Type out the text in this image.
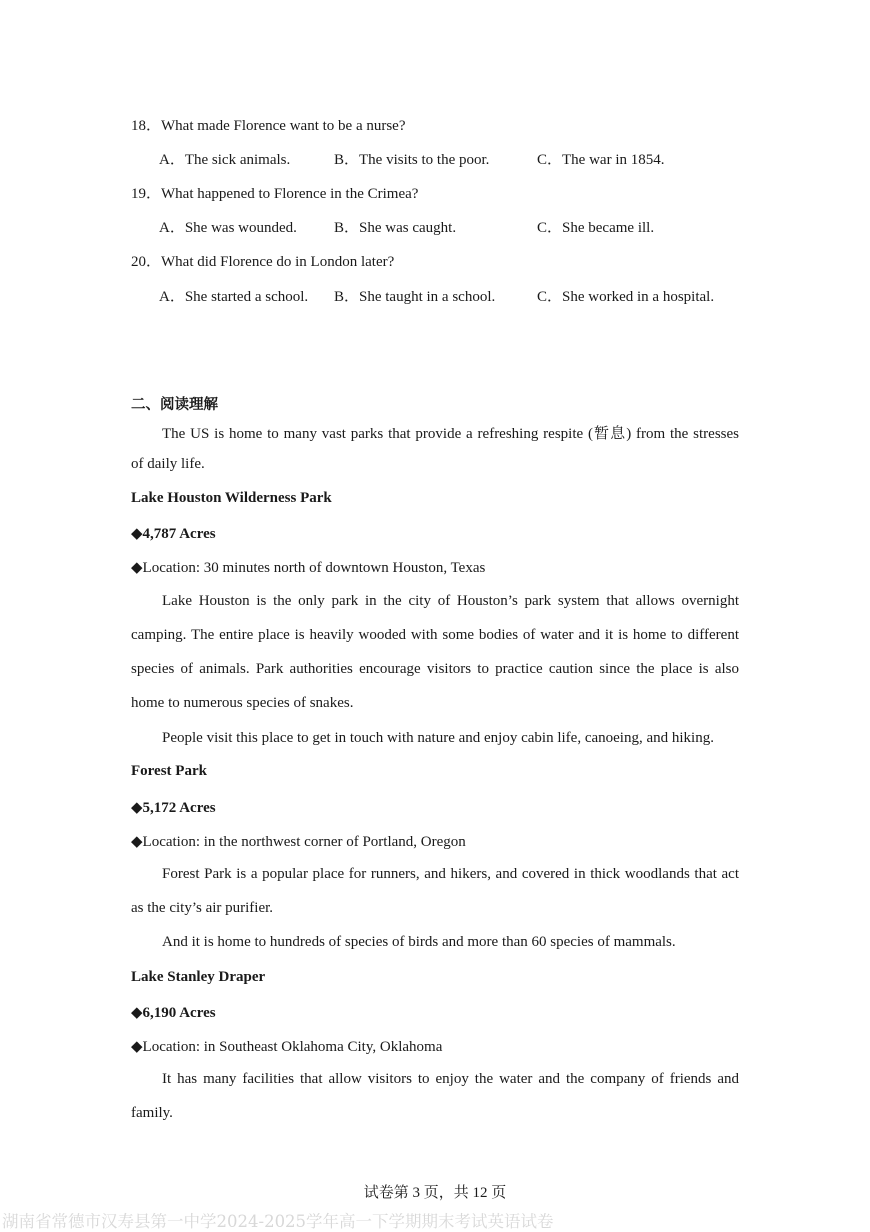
18．What made Florence want to be a nurse?
A．The sick animals.	B．The visits to the poor.	C．The war in 1854.
19．What happened to Florence in the Crimea?
A．She was wounded. B．She was caught.	C．She became ill.
20．What did Florence do in London later?
A．She started a school. B．She taught in a school.	C．She worked in a hospital.
二、阅读理解
The US is home to many vast parks that provide a refreshing respite (暂息) from the stresses
of daily life.
Lake Houston Wilderness Park
◆4,787 Acres
◆Location: 30 minutes north of downtown Houston, Texas
Lake Houston is the only park in the city of Houston’s park system that allows overnight
camping. The entire place is heavily wooded with some bodies of water and it is home to different
species of animals. Park authorities encourage visitors to practice caution since the place is also
home to numerous species of snakes.
People visit this place to get in touch with nature and enjoy cabin life, canoeing, and hiking.
Forest Park
◆5,172 Acres
◆Location: in the northwest corner of Portland, Oregon
Forest Park is a popular place for runners, and hikers, and covered in thick woodlands that act
as the city’s air purifier.
And it is home to hundreds of species of birds and more than 60 species of mammals.
Lake Stanley Draper
◆6,190 Acres
◆Location: in Southeast Oklahoma City, Oklahoma
It has many facilities that allow visitors to enjoy the water and the company of friends and
family.
试卷第 3 页，共 12 页
湖南省常德市汉寿县第一中学2024-2025学年高一下学期期末考试英语试卷
